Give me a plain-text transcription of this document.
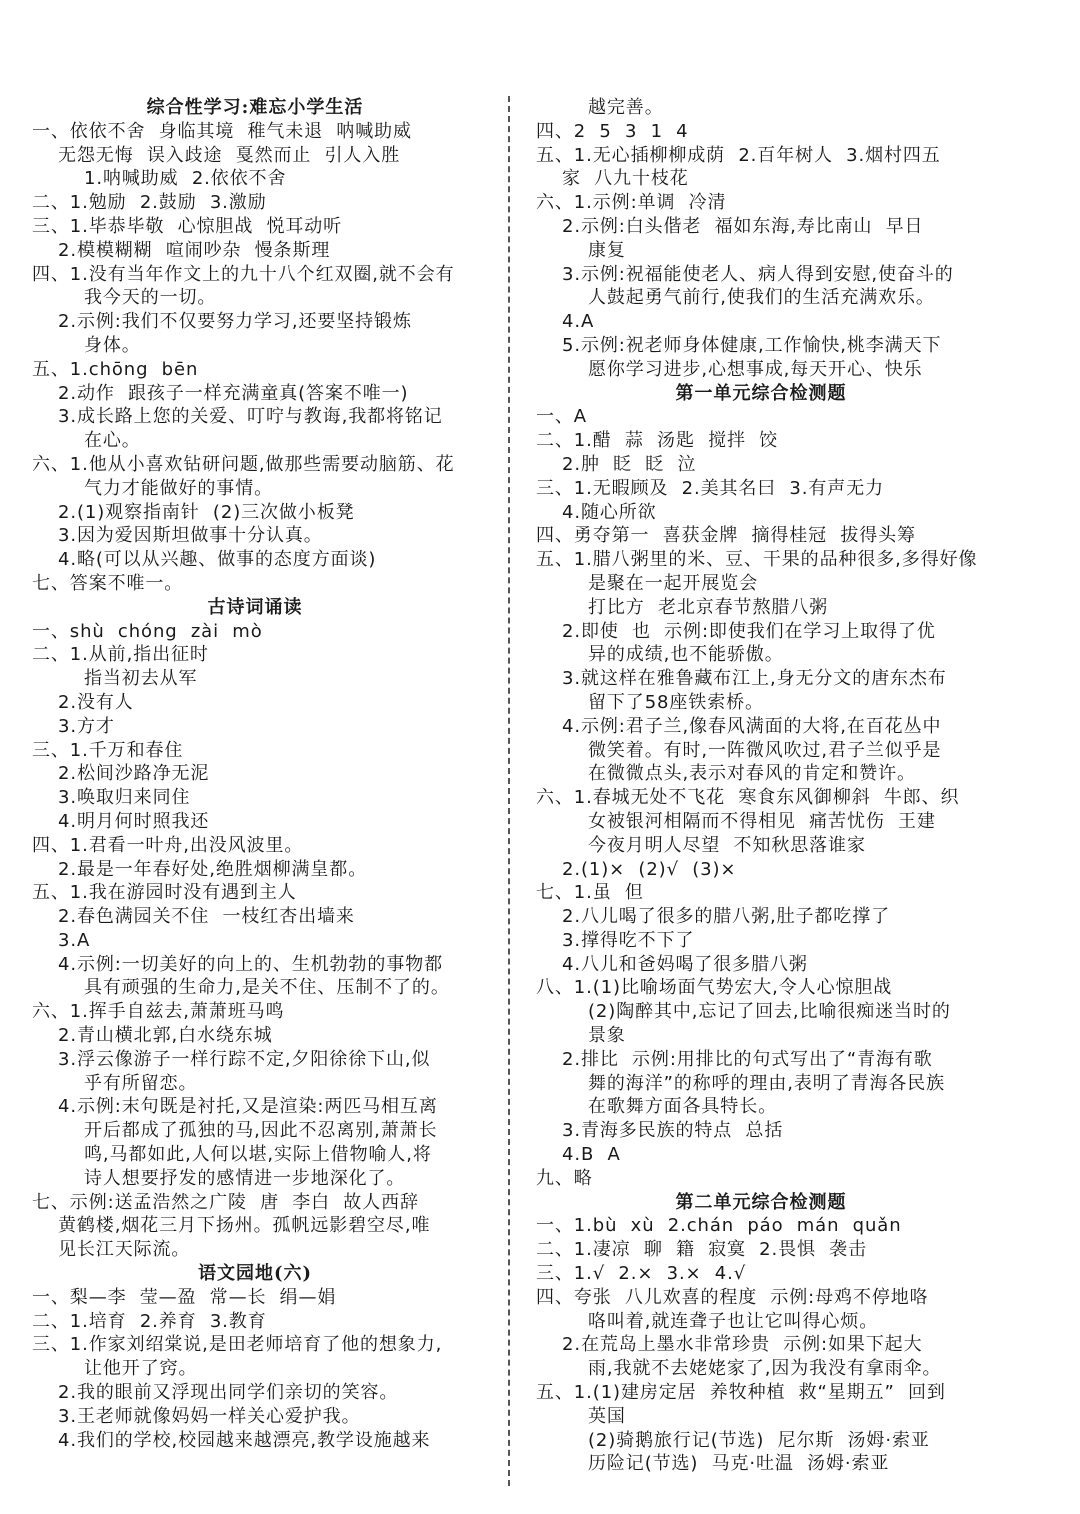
综合性学习:难忘小学生活
一、依依不舍  身临其境  稚气未退  呐喊助威
无怨无悔  误入歧途  戛然而止  引人入胜
1.呐喊助威  2.依依不舍
二、1.勉励  2.鼓励  3.激励
三、1.毕恭毕敬  心惊胆战  悦耳动听
2.模模糊糊  喧闹吵杂  慢条斯理
四、1.没有当年作文上的九十八个红双圈,就不会有
我今天的一切。
2.示例:我们不仅要努力学习,还要坚持锻炼
身体。
五、1.chōng  bēn
2.动作  跟孩子一样充满童真(答案不唯一)
3.成长路上您的关爱、叮咛与教诲,我都将铭记
在心。
六、1.他从小喜欢钻研问题,做那些需要动脑筋、花
气力才能做好的事情。
2.(1)观察指南针  (2)三次做小板凳
3.因为爱因斯坦做事十分认真。
4.略(可以从兴趣、做事的态度方面谈)
七、答案不唯一。
古诗词诵读
一、shù  chóng  zài  mò
二、1.从前,指出征时
指当初去从军
2.没有人
3.方才
三、1.千万和春住
2.松间沙路净无泥
3.唤取归来同住
4.明月何时照我还
四、1.君看一叶舟,出没风波里。
2.最是一年春好处,绝胜烟柳满皇都。
五、1.我在游园时没有遇到主人
2.春色满园关不住  一枝红杏出墙来
3.A
4.示例:一切美好的向上的、生机勃勃的事物都
具有顽强的生命力,是关不住、压制不了的。
六、1.挥手自兹去,萧萧班马鸣
2.青山横北郭,白水绕东城
3.浮云像游子一样行踪不定,夕阳徐徐下山,似
乎有所留恋。
4.示例:末句既是衬托,又是渲染:两匹马相互离
开后都成了孤独的马,因此不忍离别,萧萧长
鸣,马都如此,人何以堪,实际上借物喻人,将
诗人想要抒发的感情进一步地深化了。
七、示例:送孟浩然之广陵  唐  李白  故人西辞
黄鹤楼,烟花三月下扬州。孤帆远影碧空尽,唯
见长江天际流。
语文园地(六)
一、梨—李  莹—盈  常—长  绢—娟
二、1.培育  2.养育  3.教育
三、1.作家刘绍棠说,是田老师培育了他的想象力,
让他开了窍。
2.我的眼前又浮现出同学们亲切的笑容。
3.王老师就像妈妈一样关心爱护我。
4.我们的学校,校园越来越漂亮,教学设施越来
越完善。
四、2  5  3  1  4
五、1.无心插柳柳成荫  2.百年树人  3.烟村四五
家  八九十枝花
六、1.示例:单调  冷清
2.示例:白头偕老  福如东海,寿比南山  早日
康复
3.示例:祝福能使老人、病人得到安慰,使奋斗的
人鼓起勇气前行,使我们的生活充满欢乐。
4.A
5.示例:祝老师身体健康,工作愉快,桃李满天下
愿你学习进步,心想事成,每天开心、快乐
第一单元综合检测题
一、A
二、1.醋  蒜  汤匙  搅拌  饺
2.肿  眨  眨  泣
三、1.无暇顾及  2.美其名曰  3.有声无力
4.随心所欲
四、勇夺第一  喜获金牌  摘得桂冠  拔得头筹
五、1.腊八粥里的米、豆、干果的品种很多,多得好像
是聚在一起开展览会
打比方  老北京春节熬腊八粥
2.即使  也  示例:即使我们在学习上取得了优
异的成绩,也不能骄傲。
3.就这样在雅鲁藏布江上,身无分文的唐东杰布
留下了58座铁索桥。
4.示例:君子兰,像春风满面的大将,在百花丛中
微笑着。有时,一阵微风吹过,君子兰似乎是
在微微点头,表示对春风的肯定和赞许。
六、1.春城无处不飞花  寒食东风御柳斜  牛郎、织
女被银河相隔而不得相见  痛苦忧伤  王建
今夜月明人尽望  不知秋思落谁家
2.(1)×  (2)√  (3)×
七、1.虽  但
2.八儿喝了很多的腊八粥,肚子都吃撑了
3.撑得吃不下了
4.八儿和爸妈喝了很多腊八粥
八、1.(1)比喻场面气势宏大,令人心惊胆战
(2)陶醉其中,忘记了回去,比喻很痴迷当时的
景象
2.排比  示例:用排比的句式写出了“青海有歌
舞的海洋”的称呼的理由,表明了青海各民族
在歌舞方面各具特长。
3.青海多民族的特点  总括
4.B  A
九、略
第二单元综合检测题
一、1.bù  xù  2.chán  páo  mán  quǎn
二、1.凄凉  聊  籍  寂寞  2.畏惧  袭击
三、1.√  2.×  3.×  4.√
四、夸张  八儿欢喜的程度  示例:母鸡不停地咯
咯叫着,就连聋子也让它叫得心烦。
2.在荒岛上墨水非常珍贵  示例:如果下起大
雨,我就不去姥姥家了,因为我没有拿雨伞。
五、1.(1)建房定居  养牧种植  救“星期五”  回到
英国
(2)骑鹅旅行记(节选)  尼尔斯  汤姆·索亚
历险记(节选)  马克·吐温  汤姆·索亚
